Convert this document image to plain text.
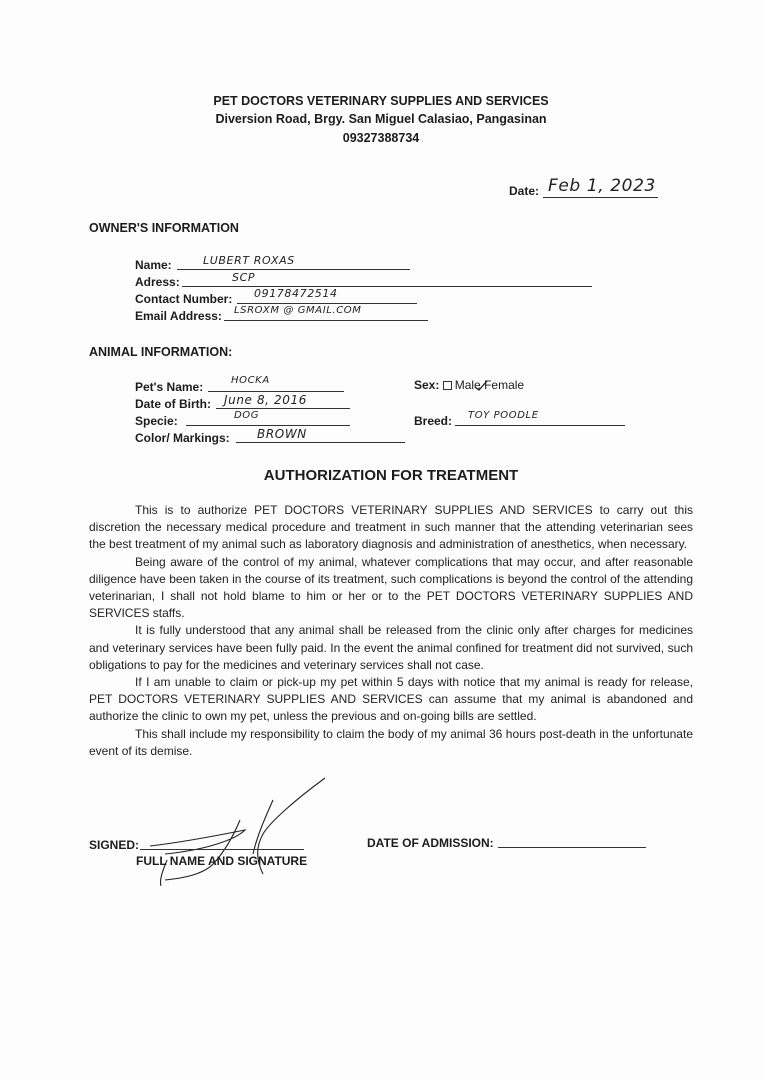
PET DOCTORS VETERINARY SUPPLIES AND SERVICES
Diversion Road, Brgy. San Miguel Calasiao, Pangasinan
09327388734
Date: Feb 1, 2023
OWNER'S INFORMATION
Name:	LUBERT ROXAS
Adress:	SCP
Contact Number: 09178472514
Email Address: LSROXM @ GMAIL.COM
ANIMAL INFORMATION:
Pet's Name:	HOCKA
Date of Birth: June 8, 2016
Specie:	DOG
Color/ Markings: BROWN
Sex: Male Female
Breed: TOY POODLE
AUTHORIZATION FOR TREATMENT

This is to authorize PET DOCTORS VETERINARY SUPPLIES AND SERVICES to carry out this discretion the necessary medical procedure and treatment in such manner that the attending veterinarian sees the best treatment of my animal such as laboratory diagnosis and administration of anesthetics, when necessary.

Being aware of the control of my animal, whatever complications that may occur, and after reasonable diligence have been taken in the course of its treatment, such complications is beyond the control of the attending veterinarian, I shall not hold blame to him or her or to the PET DOCTORS VETERINARY SUPPLIES AND SERVICES staffs.

It is fully understood that any animal shall be released from the clinic only after charges for medicines and veterinary services have been fully paid. In the event the animal confined for treatment did not survived, such obligations to pay for the medicines and veterinary services shall not case.

If I am unable to claim or pick-up my pet within 5 days with notice that my animal is ready for release, PET DOCTORS VETERINARY SUPPLIES AND SERVICES can assume that my animal is abandoned and authorize the clinic to own my pet, unless the previous and on-going bills are settled.

This shall include my responsibility to claim the body of my animal 36 hours post-death in the unfortunate event of its demise.

SIGNED:
FULL NAME AND SIGNATURE
DATE OF ADMISSION:
